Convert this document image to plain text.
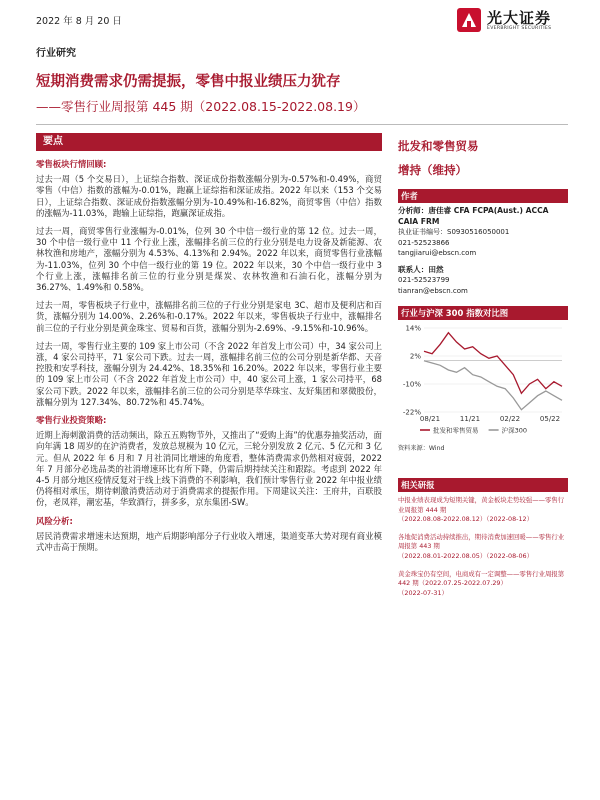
2022 年 8 月 20 日	光大证券
EVERBRIGHT SECURITIES
行业研究
短期消费需求仍需提振，零售中报业绩压力犹存
——零售行业周报第 445 期（2022.08.15-2022.08.19）
要点
零售板块行情回顾:
过去一周（5 个交易日），上证综合指数、深证成份指数涨幅分别为-0.57%和-0.49%，商贸零售（中信）指数的涨幅为-0.01%，跑赢上证综指和深证成指。2022 年以来（153 个交易日），上证综合指数、深证成份指数涨幅分别为-10.49%和-16.82%，商贸零售（中信）指数的涨幅为-11.03%，跑输上证综指，跑赢深证成指。
过去一周，商贸零售行业涨幅为-0.01%，位列 30 个中信一级行业的第 12 位。过去一周，30 个中信一级行业中 11 个行业上涨，涨幅排名前三位的行业分别是电力设备及新能源、农林牧渔和房地产，涨幅分别为 4.53%、4.13%和 2.94%。2022 年以来，商贸零售行业涨幅为-11.03%，位列 30 个中信一级行业的第 19 位。2022 年以来，30 个中信一级行业中 3 个行业上涨，涨幅排名前三位的行业分别是煤炭、农林牧渔和石油石化，涨幅分别为 36.27%、1.49%和 0.58%。
过去一周，零售板块子行业中，涨幅排名前三位的子行业分别是家电 3C、超市及便利店和百货，涨幅分别为 14.00%、2.26%和-0.17%。2022 年以来，零售板块子行业中，涨幅排名前三位的子行业分别是黄金珠宝、贸易和百货，涨幅分别为-2.69%、-9.15%和-10.96%。
过去一周，零售行业主要的 109 家上市公司（不含 2022 年首发上市公司）中，34 家公司上涨，4 家公司持平，71 家公司下跌。过去一周，涨幅排名前三位的公司分别是新华都、天音控股和安孚科技，涨幅分别为 24.42%、18.35%和 16.20%。2022 年以来，零售行业主要的 109 家上市公司（不含 2022 年首发上市公司）中，40 家公司上涨，1 家公司持平，68 家公司下跌。2022 年以来，涨幅排名前三位的公司分别是萃华珠宝、友好集团和翠微股份，涨幅分别为 127.34%、80.72%和 45.74%。
零售行业投资策略:
近期上海刺激消费的活动频出，除五五购物节外，又推出了“爱购上海”的优惠券抽奖活动，面向年满 18 周岁的在沪消费者，发放总规模为 10 亿元，三轮分别发放 2 亿元、5 亿元和 3 亿元。但从 2022 年 6 月和 7 月社消同比增速的角度看，整体消费需求仍然相对疲弱，2022 年 7 月部分必选品类的社消增速环比有所下降，仍需后期持续关注和跟踪。考虑到 2022 年 4-5 月部分地区疫情反复对于线上线下消费的不利影响，我们预计零售行业 2022 年中报业绩仍将相对承压，期待刺激消费活动对于消费需求的提振作用。下周建议关注：王府井，百联股份，老凤祥，潮宏基，华致酒行，拼多多，京东集团-SW。
风险分析:
居民消费需求增速未达预期，地产后期影响部分子行业收入增速，渠道变革大势对现有商业模式冲击高于预期。
批发和零售贸易
增持（维持）
作者
分析师：唐佳睿 CFA FCPA(Aust.) ACCA CAIA FRM
执业证书编号：S0930516050001
021-52523866
tangjiarui@ebscn.com
联系人：田然
021-52523799
tianran@ebscn.com
行业与沪深 300 指数对比图
14%
2%
-10%
-22%
08/21	11/21	02/22	05/22
批发和零售贸易	沪深300
资料来源：Wind
相关研报
中报业绩表现成为短期关键，黄金板块走势较强——零售行业周报第 444 期
（2022.08.08-2022.08.12）（2022-08-12）
各地促消费活动持续推出，期待消费加速回暖——零售行业周报第 443 期
（2022.08.01-2022.08.05）（2022-08-06）
黄金珠宝仍有空间，电商成有一定调整——零售行业周报第 442 期（2022.07.25-2022.07.29）
（2022-07-31）
